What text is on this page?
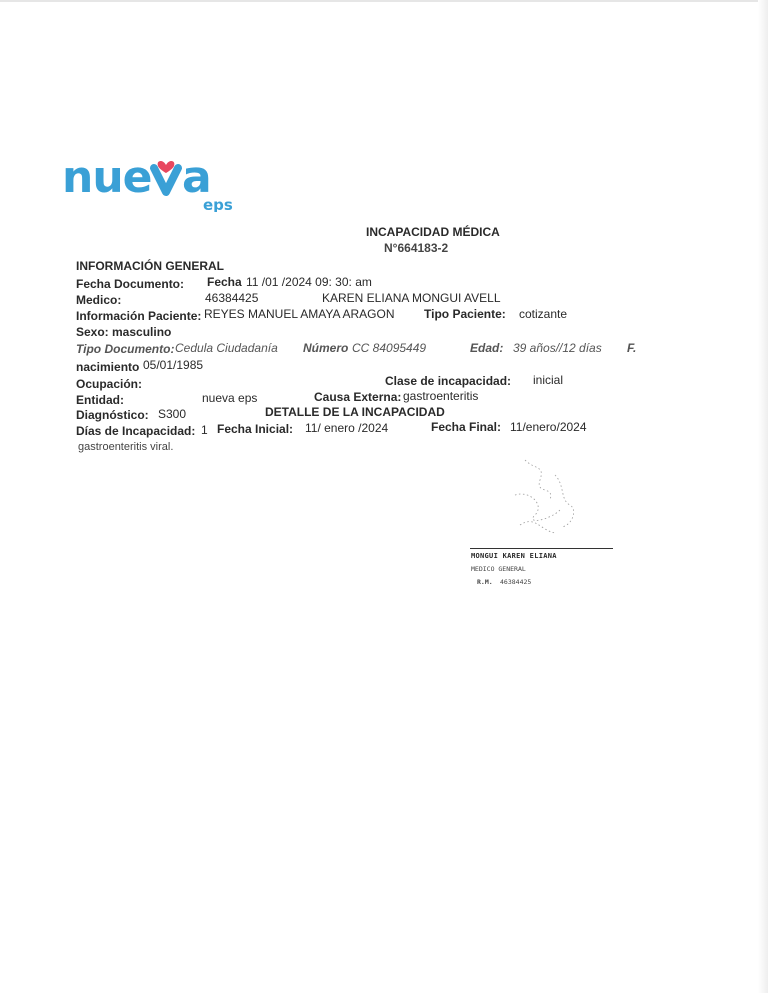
nue a
eps
INCAPACIDAD MÉDICA
N°664183-2
INFORMACIÓN GENERAL
Fecha Documento: Fecha 11 /01 /2024 09: 30: am
Medico:	46384425	KAREN ELIANA MONGUI AVELL
Información Paciente: REYES MANUEL AMAYA ARAGON Tipo Paciente: cotizante
Sexo: masculino
Tipo Documento: Cedula Ciudadanía Número CC 84095449	Edad: 39 años//12 días F.
nacimiento 05/01/1985
Ocupación:	Clase de incapacidad: inicial
Entidad:	nueva eps	Causa Externa: gastroenteritis
Diagnóstico: S300	DETALLE DE LA INCAPACIDAD
Días de Incapacidad: 1 Fecha Inicial: 11/ enero /2024	Fecha Final: 11/enero/2024
gastroenteritis viral.
MONGUI KAREN ELIANA
MEDICO GENERAL
R.M. 46384425
